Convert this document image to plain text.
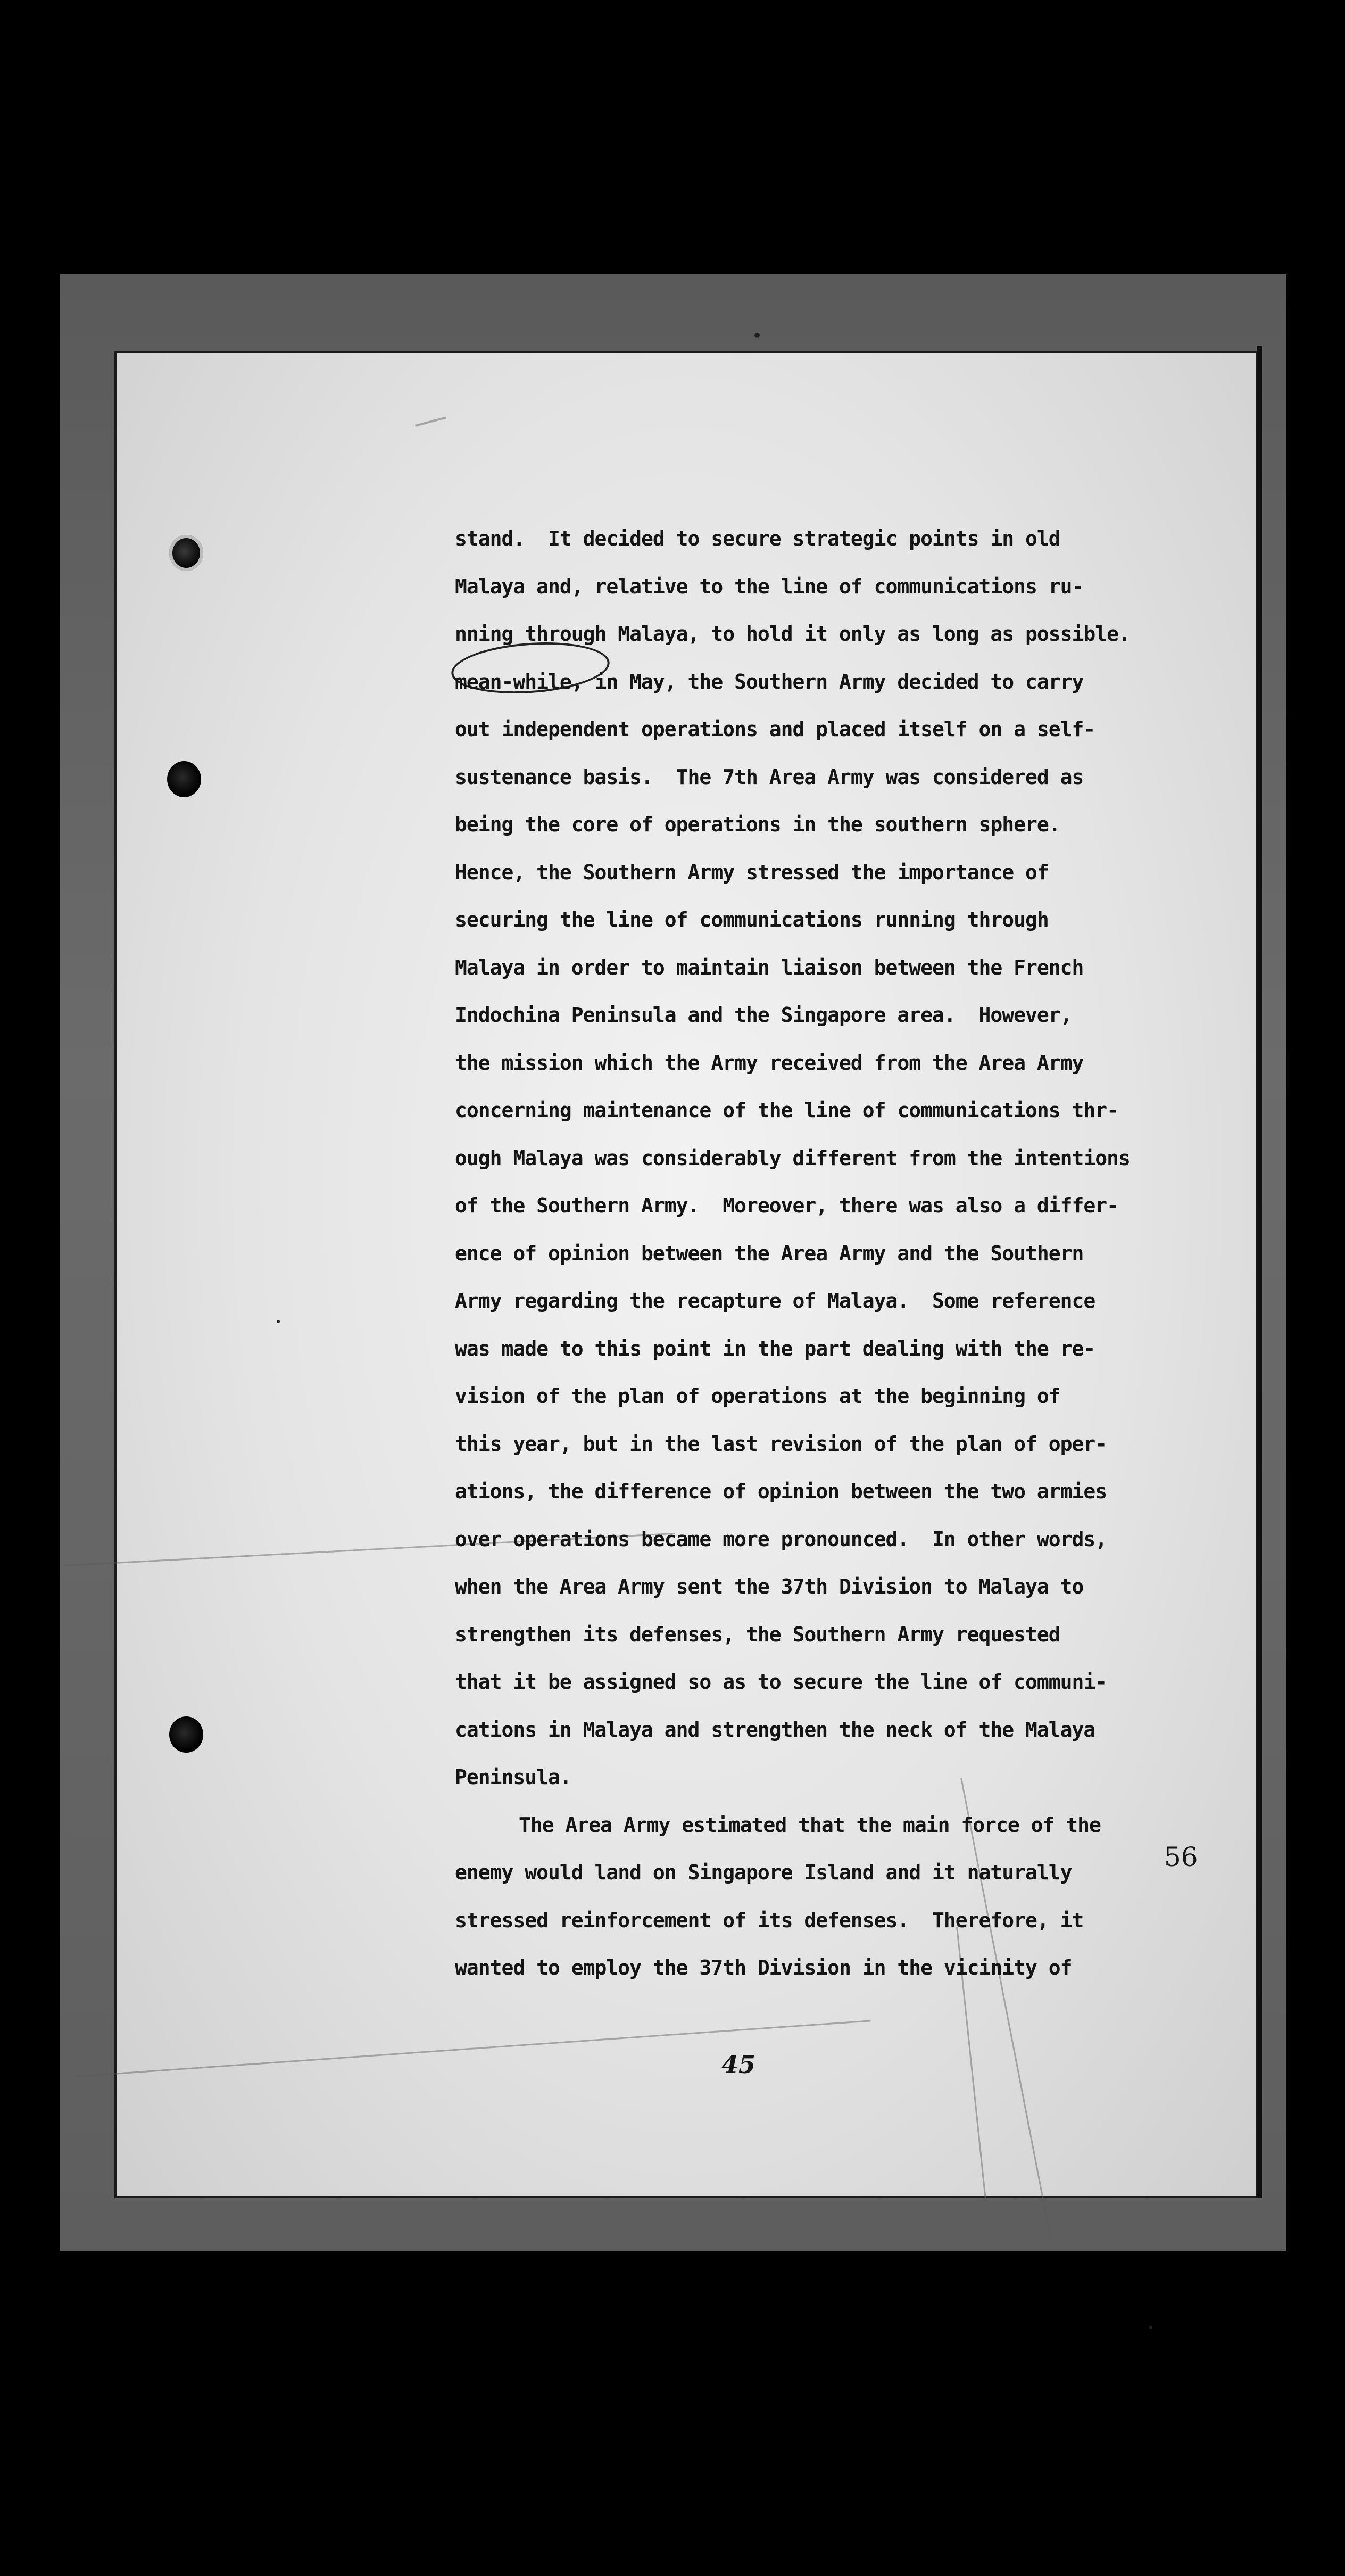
stand.  It decided to secure strategic points in old
Malaya and, relative to the line of communications ru-
nning through Malaya, to hold it only as long as possible.
mean-while, in May, the Southern Army decided to carry
out independent operations and placed itself on a self-
sustenance basis.  The 7th Area Army was considered as
being the core of operations in the southern sphere.
Hence, the Southern Army stressed the importance of
securing the line of communications running through
Malaya in order to maintain liaison between the French
Indochina Peninsula and the Singapore area.  However,
the mission which the Army received from the Area Army
concerning maintenance of the line of communications thr-
ough Malaya was considerably different from the intentions
of the Southern Army.  Moreover, there was also a differ-
ence of opinion between the Area Army and the Southern
Army regarding the recapture of Malaya.  Some reference
was made to this point in the part dealing with the re-
vision of the plan of operations at the beginning of
this year, but in the last revision of the plan of oper-
ations, the difference of opinion between the two armies
over operations became more pronounced.  In other words,
when the Area Army sent the 37th Division to Malaya to
strengthen its defenses, the Southern Army requested
that it be assigned so as to secure the line of communi-
cations in Malaya and strengthen the neck of the Malaya
Peninsula.
The Area Army estimated that the main force of the
enemy would land on Singapore Island and it naturally
stressed reinforcement of its defenses.  Therefore, it
wanted to employ the 37th Division in the vicinity of
56
45
